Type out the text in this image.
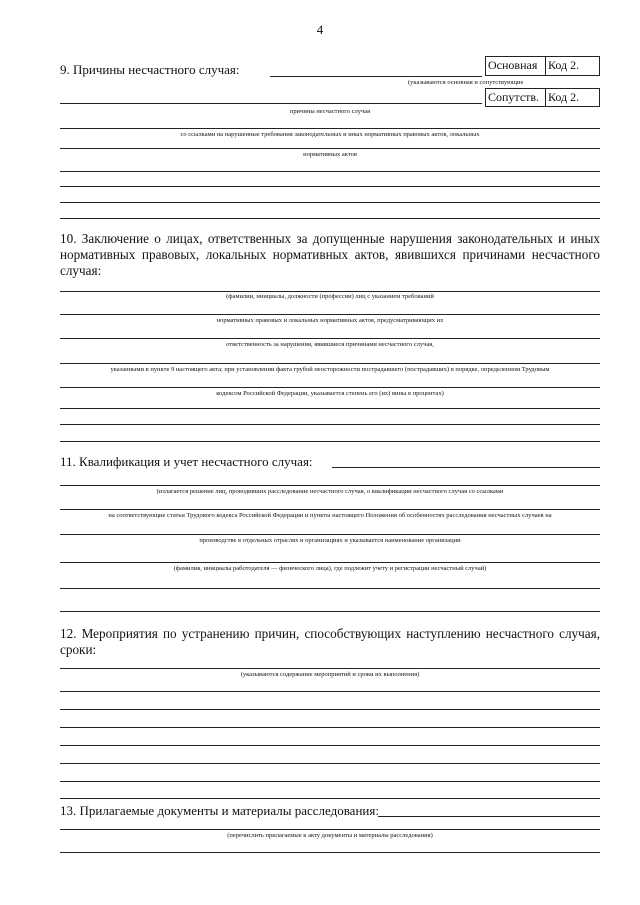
4
9. Причины несчастного случая:	Основная Код 2.
(указываются основная и сопутствующие
Сопутств. Код 2.
причины несчастного случая
со ссылками на нарушенные требования законодательных и иных нормативных правовых актов, локальных
нормативных актов
10. Заключение о лицах, ответственных за допущенные нарушения законодательных и иных нормативных правовых, локальных нормативных актов, явившихся причинами несчастного случая:
(фамилии, инициалы, должности (профессии) лиц с указанием требований
нормативных правовых и локальных нормативных актов, предусматривающих их
ответственность за нарушения, явившиеся причинами несчастного случая,
указанными в пункте 9 настоящего акта; при установлении факта грубой неосторожности пострадавшего (пострадавших) в порядке, определенном Трудовым
кодексом Российской Федерации, указывается степень его (их) вины в процентах)
11. Квалификация и учет несчастного случая:
(излагается решение лиц, проводивших расследование несчастного случая, о квалификации несчастного случая со ссылками
на соответствующие статьи Трудового кодекса Российской Федерации и пункты настоящего Положения об особенностях расследования несчастных случаев на
производстве в отдельных отраслях и организациях и указывается наименование организации
(фамилия, инициалы работодателя — физического лица), где подлежит учету и регистрации несчастный случай)
12. Мероприятия по устранению причин, способствующих наступлению несчастного случая, сроки:
(указываются содержание мероприятий и сроки их выполнения)
13. Прилагаемые документы и материалы расследования:
(перечислить прилагаемые к акту документы и материалы расследования)
